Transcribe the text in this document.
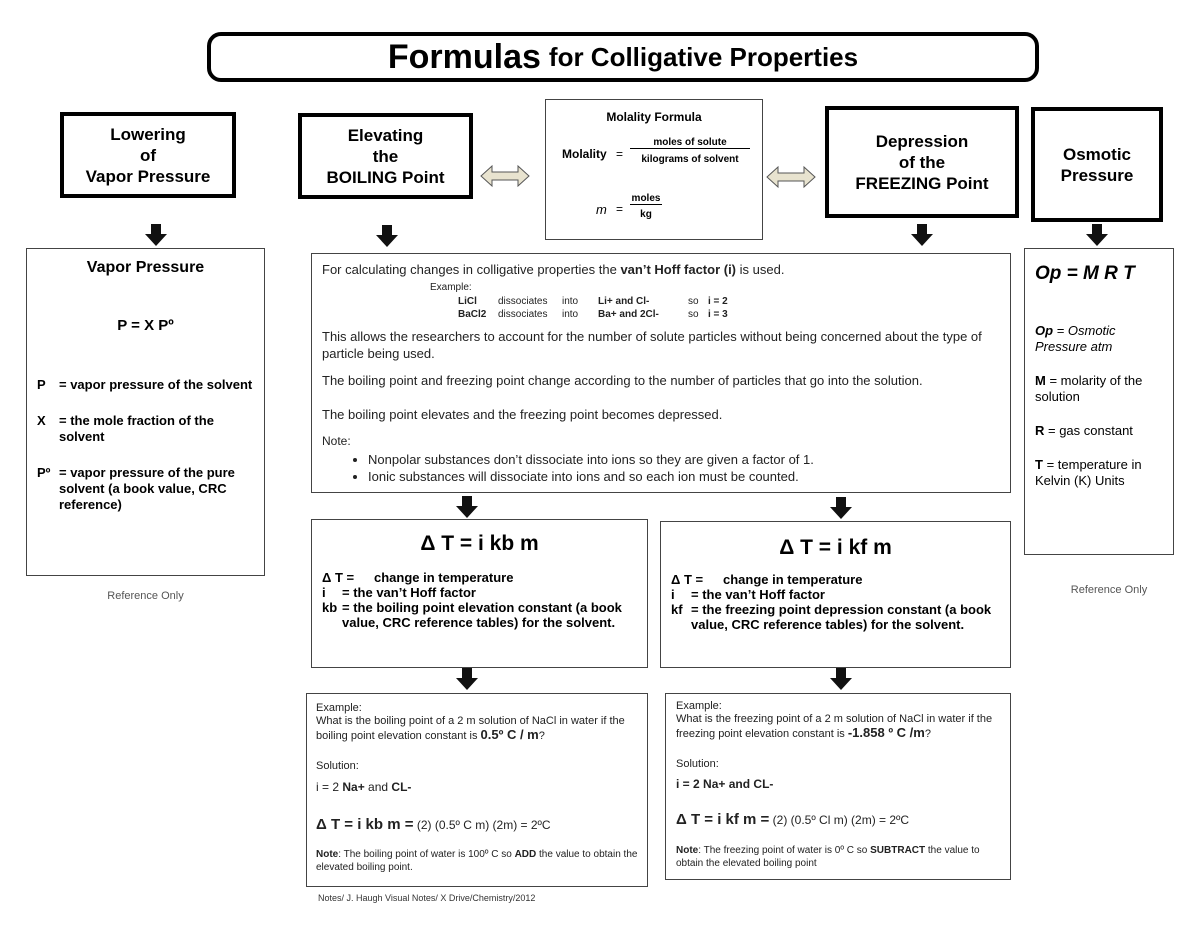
Formulas for Colligative Properties
Lowering
of
Vapor Pressure
Elevating
the
BOILING Point
Depression
of the
FREEZING Point
Osmotic
Pressure
Molality Formula
Molality =
moles of solute
kilograms of solvent
m =
moles
kg
Vapor Pressure
P = X Pº
P	= vapor pressure of the solvent
X	= the mole fraction of the solvent
Pº = vapor pressure of the pure solvent (a book value, CRC reference)
Reference Only
Op = M R T
Op = Osmotic Pressure atm
M = molarity of the solution
R = gas constant
T = temperature in Kelvin (K) Units
Reference Only
For calculating changes in colligative properties the van’t Hoff factor (i) is used.
Example:
LiCl	dissociates	into	Li+ and Cl-	so i = 2
BaCl2	dissociates	into	Ba+ and 2Cl-	so i = 3
This allows the researchers to account for the number of solute particles without being concerned about the type of particle being used.
The boiling point and freezing point change according to the number of particles that go into the solution.
The boiling point elevates and the freezing point becomes depressed.
Note:
• Nonpolar substances don’t dissociate into ions so they are given a factor of 1.
• Ionic substances will dissociate into ions and so each ion must be counted.
Δ T = i kb m
Δ T =	change in temperature
i	= the van’t Hoff factor
kb = the boiling point elevation constant (a book value, CRC reference tables) for the solvent.
Δ T = i kf m
Δ T =	change in temperature
i	= the van’t Hoff factor
kf = the freezing point depression constant (a book value, CRC reference tables) for the solvent.
Example:
What is the boiling point of a 2 m solution of NaCl in water if the boiling point elevation constant is 0.5º C / m?
Solution:
i = 2 Na+ and CL-
Δ T = i kb m = (2) (0.5º C m) (2m) = 2ºC
Note: The boiling point of water is 100º C so ADD the value to obtain the elevated boiling point.
Example:
What is the freezing point of a 2 m solution of NaCl in water if the freezing point elevation constant is -1.858 º C /m?
Solution:
i = 2 Na+ and CL-
Δ T = i kf m = (2) (0.5º Cl m) (2m) = 2ºC
Note: The freezing point of water is 0º C so SUBTRACT the value to obtain the elevated boiling point
Notes/ J. Haugh Visual Notes/ X Drive/Chemistry/2012
